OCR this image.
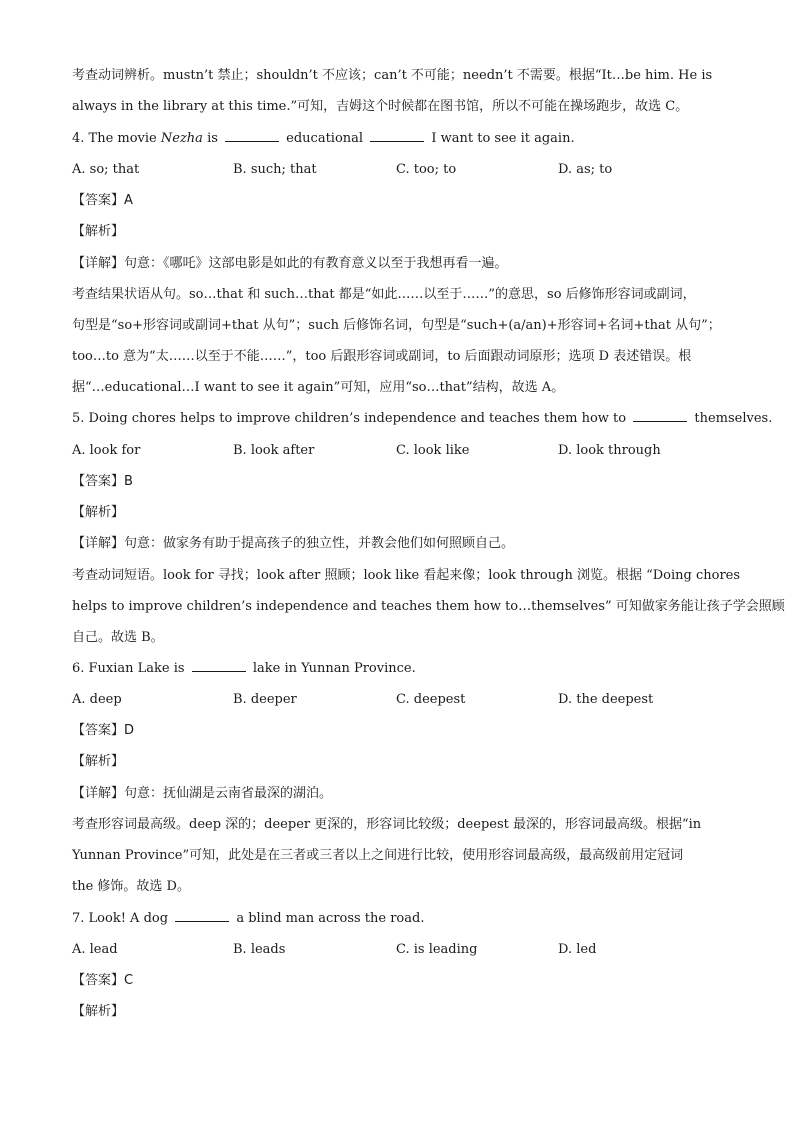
考查动词辨析。mustn’t 禁止；shouldn’t 不应该；can’t 不可能；needn’t 不需要。根据“It…be him. He is
always in the library at this time.”可知，吉姆这个时候都在图书馆，所以不可能在操场跑步，故选 C。
4. The movie Nezha is	educational	I want to see it again.
A. so; that	B. such; that	C. too; to	D. as; to
【答案】A
【解析】
【详解】句意：《哪吒》这部电影是如此的有教育意义以至于我想再看一遍。
考查结果状语从句。so…that 和 such…that 都是“如此……以至于……”的意思，so 后修饰形容词或副词，
句型是“so+形容词或副词+that 从句”；such 后修饰名词，句型是“such+(a/an)+形容词+名词+that 从句”；
too…to 意为“太……以至于不能……”，too 后跟形容词或副词，to 后面跟动词原形；选项 D 表述错误。根
据“…educational…I want to see it again”可知，应用“so…that”结构，故选 A。
5. Doing chores helps to improve children’s independence and teaches them how to	themselves.
A. look for	B. look after	C. look like	D. look through
【答案】B
【解析】
【详解】句意：做家务有助于提高孩子的独立性，并教会他们如何照顾自己。
考查动词短语。look for 寻找；look after 照顾；look like 看起来像；look through 浏览。根据 “Doing chores
helps to improve children’s independence and teaches them how to…themselves” 可知做家务能让孩子学会照顾
自己。故选 B。
6. Fuxian Lake is	lake in Yunnan Province.
A. deep	B. deeper	C. deepest	D. the deepest
【答案】D
【解析】
【详解】句意：抚仙湖是云南省最深的湖泊。
考查形容词最高级。deep 深的；deeper 更深的，形容词比较级；deepest 最深的，形容词最高级。根据“in
Yunnan Province”可知，此处是在三者或三者以上之间进行比较，使用形容词最高级，最高级前用定冠词
the 修饰。故选 D。
7. Look! A dog	a blind man across the road.
A. lead	B. leads	C. is leading	D. led
【答案】C
【解析】
